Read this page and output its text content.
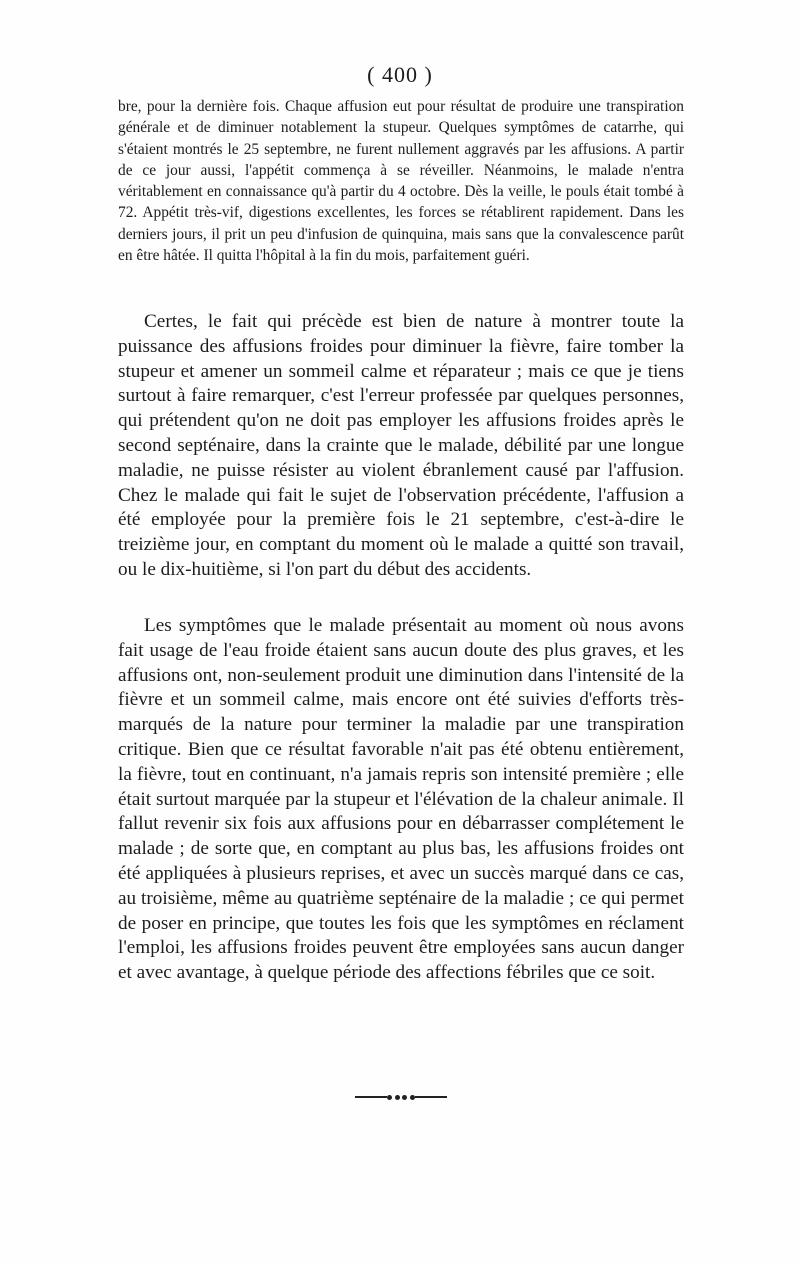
( 400 )

bre, pour la dernière fois. Chaque affusion eut pour résultat de produire une transpiration générale et de diminuer notablement la stupeur. Quelques symptômes de catarrhe, qui s'étaient montrés le 25 septembre, ne furent nullement aggravés par les affusions. A partir de ce jour aussi, l'appétit commença à se réveiller. Néanmoins, le malade n'entra véritablement en connaissance qu'à partir du 4 octobre. Dès la veille, le pouls était tombé à 72. Appétit très-vif, digestions excellentes, les forces se rétablirent rapidement. Dans les derniers jours, il prit un peu d'infusion de quinquina, mais sans que la convalescence parût en être hâtée. Il quitta l'hôpital à la fin du mois, parfaitement guéri.

Certes, le fait qui précède est bien de nature à montrer toute la puissance des affusions froides pour diminuer la fièvre, faire tomber la stupeur et amener un sommeil calme et réparateur ; mais ce que je tiens surtout à faire remarquer, c'est l'erreur professée par quelques personnes, qui prétendent qu'on ne doit pas employer les affusions froides après le second septénaire, dans la crainte que le malade, débilité par une longue maladie, ne puisse résister au violent ébranlement causé par l'affusion. Chez le malade qui fait le sujet de l'observation précédente, l'affusion a été employée pour la première fois le 21 septembre, c'est-à-dire le treizième jour, en comptant du moment où le malade a quitté son travail, ou le dix-huitième, si l'on part du début des accidents.

Les symptômes que le malade présentait au moment où nous avons fait usage de l'eau froide étaient sans aucun doute des plus graves, et les affusions ont, non-seulement produit une diminution dans l'intensité de la fièvre et un sommeil calme, mais encore ont été suivies d'efforts très-marqués de la nature pour terminer la maladie par une transpiration critique. Bien que ce résultat favorable n'ait pas été obtenu entièrement, la fièvre, tout en continuant, n'a jamais repris son intensité première ; elle était surtout marquée par la stupeur et l'élévation de la chaleur animale. Il fallut revenir six fois aux affusions pour en débarrasser complétement le malade ; de sorte que, en comptant au plus bas, les affusions froides ont été appliquées à plusieurs reprises, et avec un succès marqué dans ce cas, au troisième, même au quatrième septénaire de la maladie ; ce qui permet de poser en principe, que toutes les fois que les symptômes en réclament l'emploi, les affusions froides peuvent être employées sans aucun danger et avec avantage, à quelque période des affections fébriles que ce soit.
